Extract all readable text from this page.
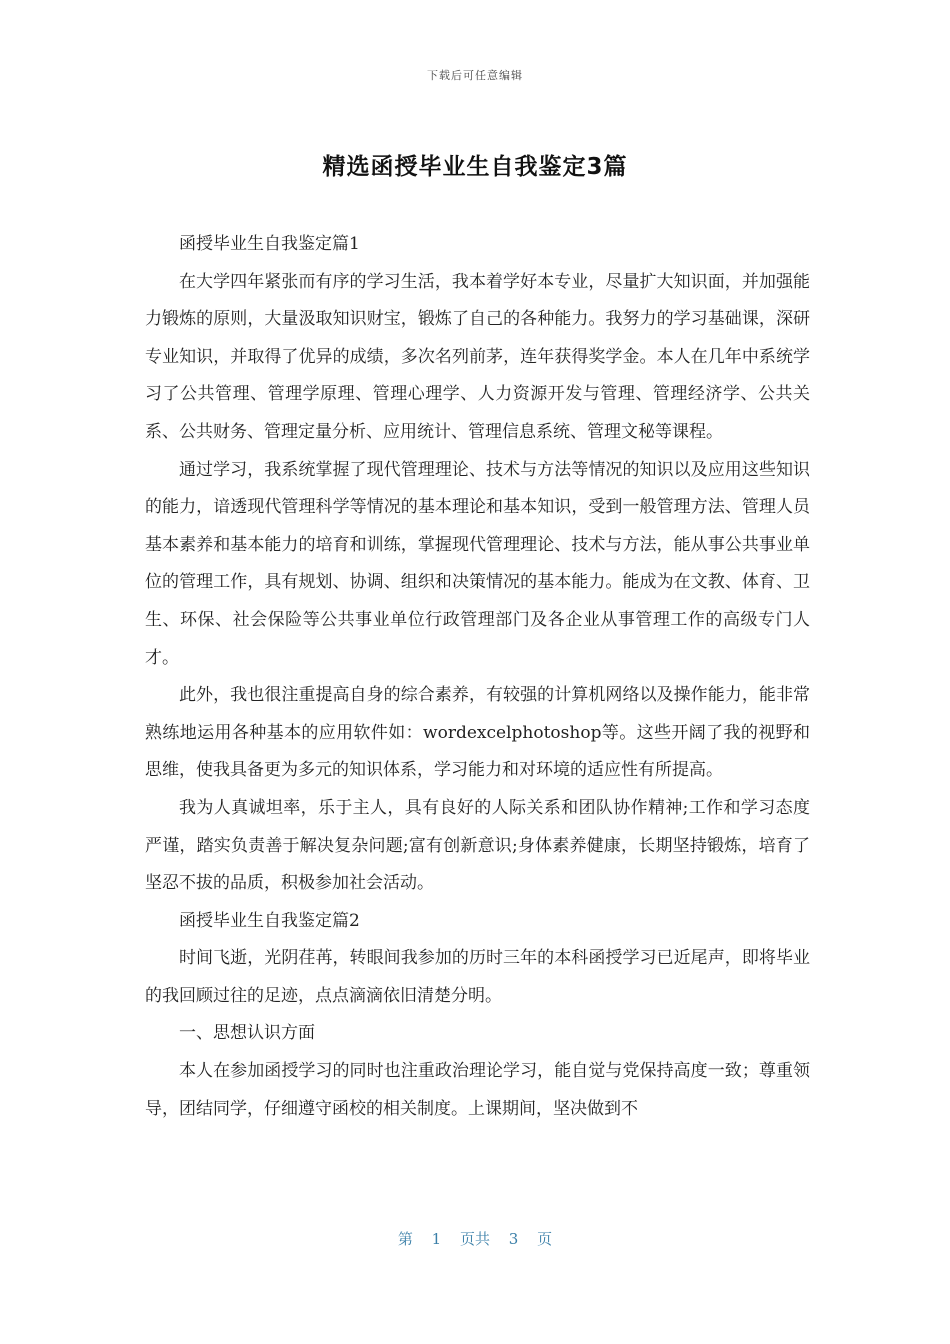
下载后可任意编辑
精选函授毕业生自我鉴定3篇

函授毕业生自我鉴定篇1

在大学四年紧张而有序的学习生活，我本着学好本专业，尽量扩大知识面，并加强能力锻炼的原则，大量汲取知识财宝，锻炼了自己的各种能力。我努力的学习基础课，深研专业知识，并取得了优异的成绩，多次名列前茅，连年获得奖学金。本人在几年中系统学习了公共管理、管理学原理、管理心理学、人力资源开发与管理、管理经济学、公共关系、公共财务、管理定量分析、应用统计、管理信息系统、管理文秘等课程。

通过学习，我系统掌握了现代管理理论、技术与方法等情况的知识以及应用这些知识的能力，谙透现代管理科学等情况的基本理论和基本知识，受到一般管理方法、管理人员基本素养和基本能力的培育和训练，掌握现代管理理论、技术与方法，能从事公共事业单位的管理工作，具有规划、协调、组织和决策情况的基本能力。能成为在文教、体育、卫生、环保、社会保险等公共事业单位行政管理部门及各企业从事管理工作的高级专门人才。

此外，我也很注重提高自身的综合素养，有较强的计算机网络以及操作能力，能非常熟练地运用各种基本的应用软件如：wordexcelphotoshop等。这些开阔了我的视野和思维，使我具备更为多元的知识体系，学习能力和对环境的适应性有所提高。

我为人真诚坦率，乐于主人，具有良好的人际关系和团队协作精神;工作和学习态度严谨，踏实负责善于解决复杂问题;富有创新意识;身体素养健康，长期坚持锻炼，培育了坚忍不拔的品质，积极参加社会活动。

函授毕业生自我鉴定篇2

时间飞逝，光阴荏苒，转眼间我参加的历时三年的本科函授学习已近尾声，即将毕业的我回顾过往的足迹，点点滴滴依旧清楚分明。

一、思想认识方面

本人在参加函授学习的同时也注重政治理论学习，能自觉与党保持高度一致；尊重领导，团结同学，仔细遵守函校的相关制度。上课期间，坚决做到不

第 1 页共 3 页
